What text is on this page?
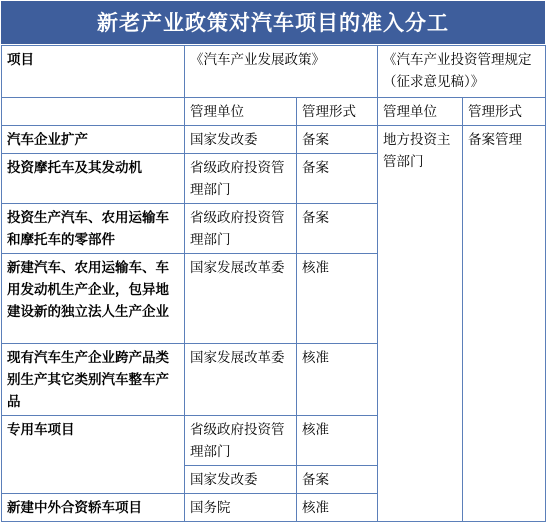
新老产业政策对汽车项目的准入分工
项目	《汽车产业发展政策》		《汽车产业投资管理规定（征求意见稿）》	
	管理单位	管理形式	管理单位	管理形式
汽车企业扩产	国家发改委	备案	地方投资主管部门	备案管理
投资摩托车及其发动机	省级政府投资管理部门	备案		
投资生产汽车、农用运输车和摩托车的零部件	省级政府投资管理部门	备案		
新建汽车、农用运输车、车用发动机生产企业，包异地建设新的独立法人生产企业	国家发展改革委	核准		
现有汽车生产企业跨产品类别生产其它类别汽车整车产品	国家发展改革委	核准		
专用车项目	省级政府投资管理部门	核准		
	国家发改委	备案		
新建中外合资轿车项目	国务院	核准		
